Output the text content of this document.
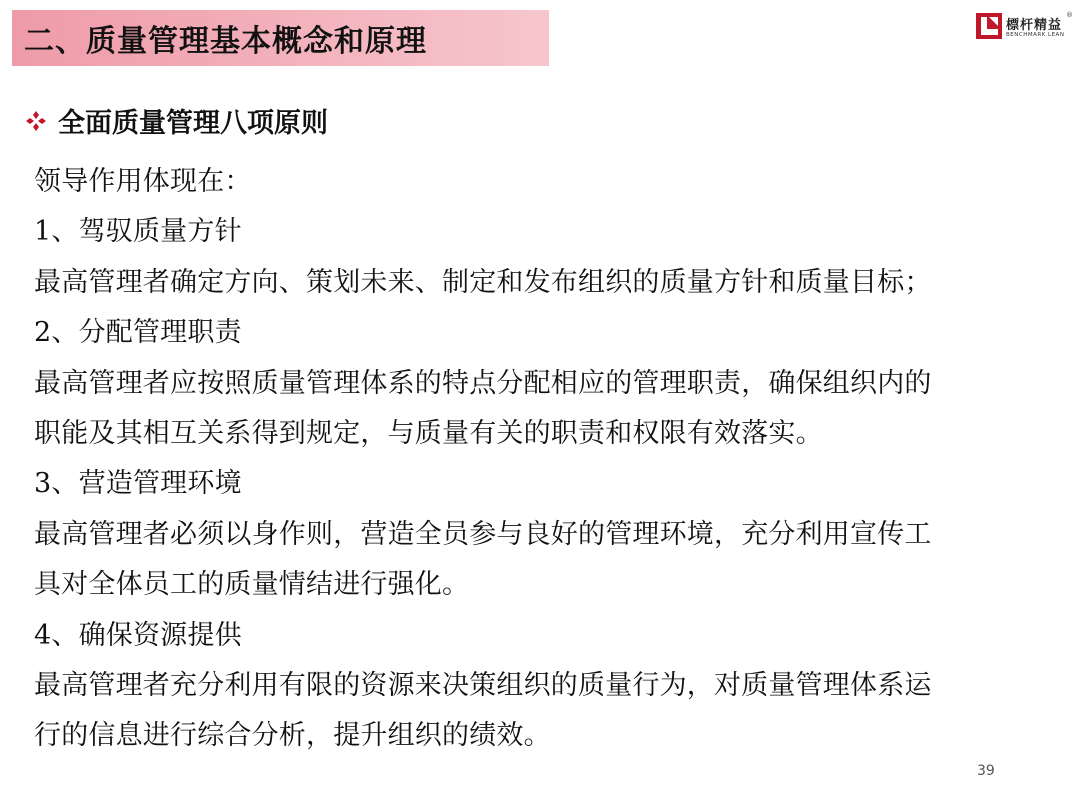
二、质量管理基本概念和原理	標杆精益
®
BENCHMARK LEAN
全面质量管理八项原则
领导作用体现在：
1、驾驭质量方针
最高管理者确定方向、策划未来、制定和发布组织的质量方针和质量目标；
2、分配管理职责
最高管理者应按照质量管理体系的特点分配相应的管理职责，确保组织内的
职能及其相互关系得到规定，与质量有关的职责和权限有效落实。
3、营造管理环境
最高管理者必须以身作则，营造全员参与良好的管理环境，充分利用宣传工
具对全体员工的质量情结进行强化。
4、确保资源提供
最高管理者充分利用有限的资源来决策组织的质量行为，对质量管理体系运
行的信息进行综合分析，提升组织的绩效。
39
